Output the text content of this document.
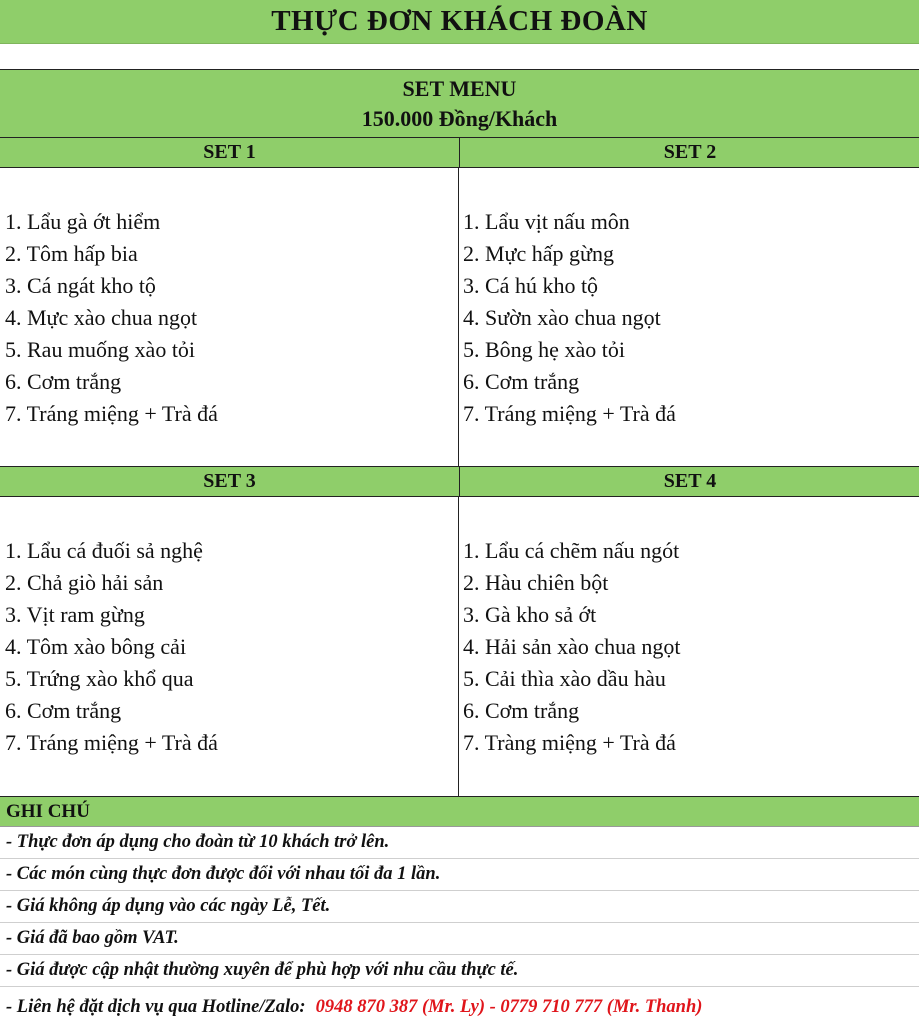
THỰC ĐƠN KHÁCH ĐOÀN
SET MENU
150.000 Đồng/Khách
SET 1	SET 2
1. Lẩu gà ớt hiểm
2. Tôm hấp bia
3. Cá ngát kho tộ
4. Mực xào chua ngọt
5. Rau muống xào tỏi
6. Cơm trắng
7. Tráng miệng + Trà đá
1. Lẩu vịt nấu môn
2. Mực hấp gừng
3. Cá hú kho tộ
4. Sườn xào chua ngọt
5. Bông hẹ xào tỏi
6. Cơm trắng
7. Tráng miệng + Trà đá
SET 3	SET 4
1. Lẩu cá đuối sả nghệ
2. Chả giò hải sản
3. Vịt ram gừng
4. Tôm xào bông cải
5. Trứng xào khổ qua
6. Cơm trắng
7. Tráng miệng + Trà đá
1. Lẩu cá chẽm nấu ngót
2. Hàu chiên bột
3. Gà kho sả ớt
4. Hải sản xào chua ngọt
5. Cải thìa xào dầu hàu
6. Cơm trắng
7. Tràng miệng + Trà đá
GHI CHÚ
- Thực đơn áp dụng cho đoàn từ 10 khách trở lên.
- Các món cùng thực đơn được đổi với nhau tối đa 1 lần.
- Giá không áp dụng vào các ngày Lễ, Tết.
- Giá đã bao gồm VAT.
- Giá được cập nhật thường xuyên để phù hợp với nhu cầu thực tế.
- Liên hệ đặt dịch vụ qua Hotline/Zalo: 0948 870 387 (Mr. Ly) - 0779 710 777 (Mr. Thanh)
